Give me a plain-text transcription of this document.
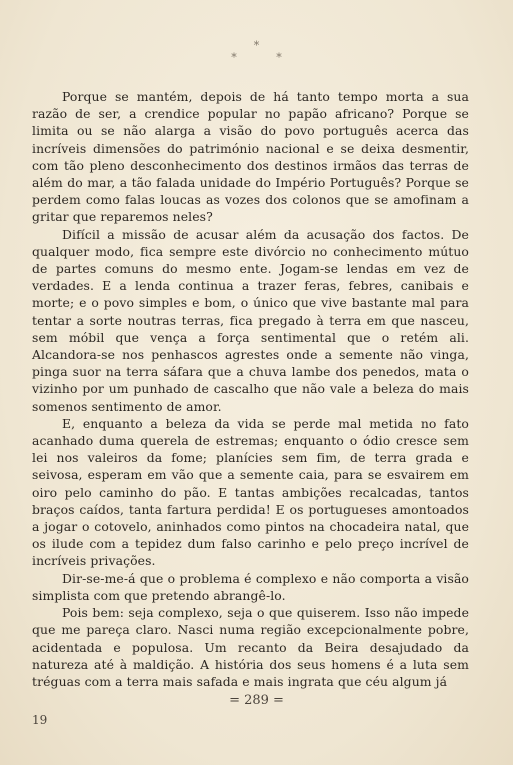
*
* *

Porque se mantém, depois de há tanto tempo morta a sua razão de ser, a crendice popular no papão africano? Porque se limita ou se não alarga a visão do povo português acerca das incríveis dimensões do património nacional e se deixa desmentir, com tão pleno desconhecimento dos destinos irmãos das terras de além do mar, a tão falada unidade do Império Português? Porque se perdem como falas loucas as vozes dos colonos que se amofinam a gritar que reparemos neles?

Difícil a missão de acusar além da acusação dos factos. De qualquer modo, fica sempre este divórcio no conhecimento mútuo de partes comuns do mesmo ente. Jogam-se lendas em vez de verdades. E a lenda continua a trazer feras, febres, canibais e morte; e o povo simples e bom, o único que vive bastante mal para tentar a sorte noutras terras, fica pregado à terra em que nasceu, sem móbil que vença a força sentimental que o retém ali. Alcandora-se nos penhascos agrestes onde a semente não vinga, pinga suor na terra sáfara que a chuva lambe dos penedos, mata o vizinho por um punhado de cascalho que não vale a beleza do mais somenos sentimento de amor.

E, enquanto a beleza da vida se perde mal metida no fato acanhado duma querela de estremas; enquanto o ódio cresce sem lei nos valeiros da fome; planícies sem fim, de terra grada e seivosa, esperam em vão que a semente caia, para se esvairem em oiro pelo caminho do pão. E tantas ambições recalcadas, tantos braços caídos, tanta fartura perdida! E os portugueses amontoados a jogar o cotovelo, aninhados como pintos na chocadeira natal, que os ilude com a tepidez dum falso carinho e pelo preço incrível de incríveis privações.

Dir-se-me-á que o problema é complexo e não comporta a visão simplista com que pretendo abrangê-lo.

Pois bem: seja complexo, seja o que quiserem. Isso não impede que me pareça claro. Nasci numa região excepcionalmente pobre, acidentada e populosa. Um recanto da Beira desajudado da natureza até à maldição. A história dos seus homens é a luta sem tréguas com a terra mais safada e mais ingrata que céu algum já

= 289 =
19
